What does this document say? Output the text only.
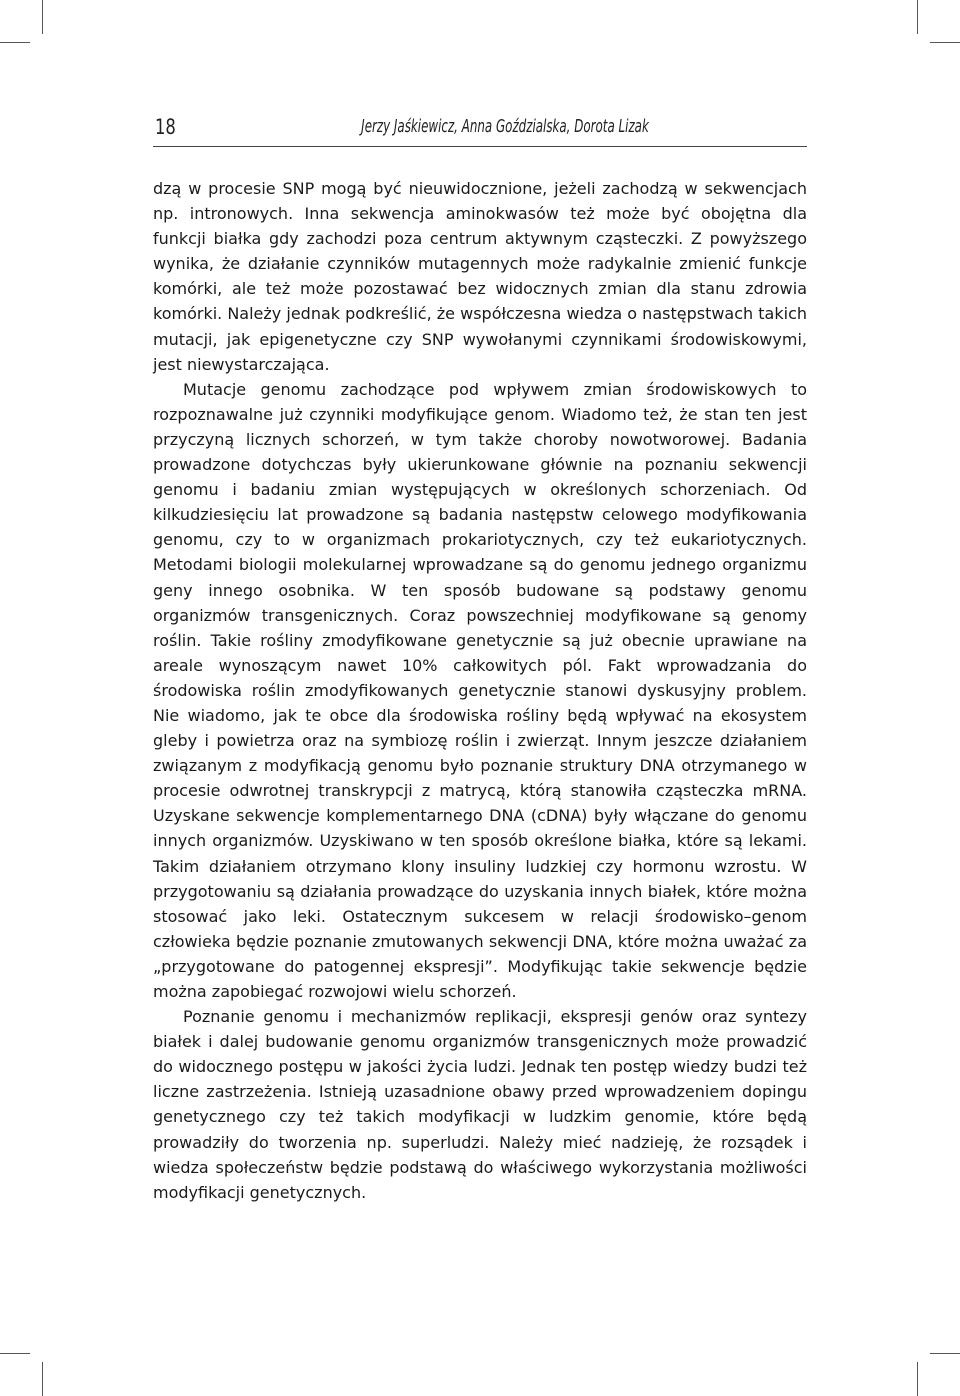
18	Jerzy Jaśkiewicz, Anna Goździalska, Dorota Lizak

dzą w procesie SNP mogą być nieuwidocznione, jeżeli zachodzą w sekwencjach np. intronowych. Inna sekwencja aminokwasów też może być obojętna dla funkcji białka gdy zachodzi poza centrum aktywnym cząsteczki. Z powyższego wynika, że działanie czynników mutagennych może radykalnie zmienić funkcje komórki, ale też może pozostawać bez widocznych zmian dla stanu zdrowia komórki. Należy jednak podkreślić, że współczesna wiedza o następstwach takich mutacji, jak epigenetyczne czy SNP wywołanymi czynnikami środowiskowymi, jest niewystarczająca.

Mutacje genomu zachodzące pod wpływem zmian środowiskowych to rozpoznawalne już czynniki modyfikujące genom. Wiadomo też, że stan ten jest przyczyną licznych schorzeń, w tym także choroby nowotworowej. Badania prowadzone dotychczas były ukierunkowane głównie na poznaniu sekwencji genomu i badaniu zmian występujących w określonych schorzeniach. Od kilkudziesięciu lat prowadzone są badania następstw celowego modyfikowania genomu, czy to w organizmach prokariotycznych, czy też eukariotycznych. Metodami biologii molekularnej wprowadzane są do genomu jednego organizmu geny innego osobnika. W ten sposób budowane są podstawy genomu organizmów transgenicznych. Coraz powszechniej modyfikowane są genomy roślin. Takie rośliny zmodyfikowane genetycznie są już obecnie uprawiane na areale wynoszącym nawet 10% całkowitych pól. Fakt wprowadzania do środowiska roślin zmodyfikowanych genetycznie stanowi dyskusyjny problem. Nie wiadomo, jak te obce dla środowiska rośliny będą wpływać na ekosystem gleby i powietrza oraz na symbiozę roślin i zwierząt. Innym jeszcze działaniem związanym z modyfikacją genomu było poznanie struktury DNA otrzymanego w procesie odwrotnej transkrypcji z matrycą, którą stanowiła cząsteczka mRNA. Uzyskane sekwencje komplementarnego DNA (cDNA) były włączane do genomu innych organizmów. Uzyskiwano w ten sposób określone białka, które są lekami. Takim działaniem otrzymano klony insuliny ludzkiej czy hormonu wzrostu. W przygotowaniu są działania prowadzące do uzyskania innych białek, które można stosować jako leki. Ostatecznym sukcesem w relacji środowisko–genom człowieka będzie poznanie zmutowanych sekwencji DNA, które można uważać za „przygotowane do patogennej ekspresji”. Modyfikując takie sekwencje będzie można zapobiegać rozwojowi wielu schorzeń.

Poznanie genomu i mechanizmów replikacji, ekspresji genów oraz syntezy białek i dalej budowanie genomu organizmów transgenicznych może prowadzić do widocznego postępu w jakości życia ludzi. Jednak ten postęp wiedzy budzi też liczne zastrzeżenia. Istnieją uzasadnione obawy przed wprowadzeniem dopingu genetycznego czy też takich modyfikacji w ludzkim genomie, które będą prowadziły do tworzenia np. superludzi. Należy mieć nadzieję, że rozsądek i wiedza społeczeństw będzie podstawą do właściwego wykorzystania możliwości modyfikacji genetycznych.
